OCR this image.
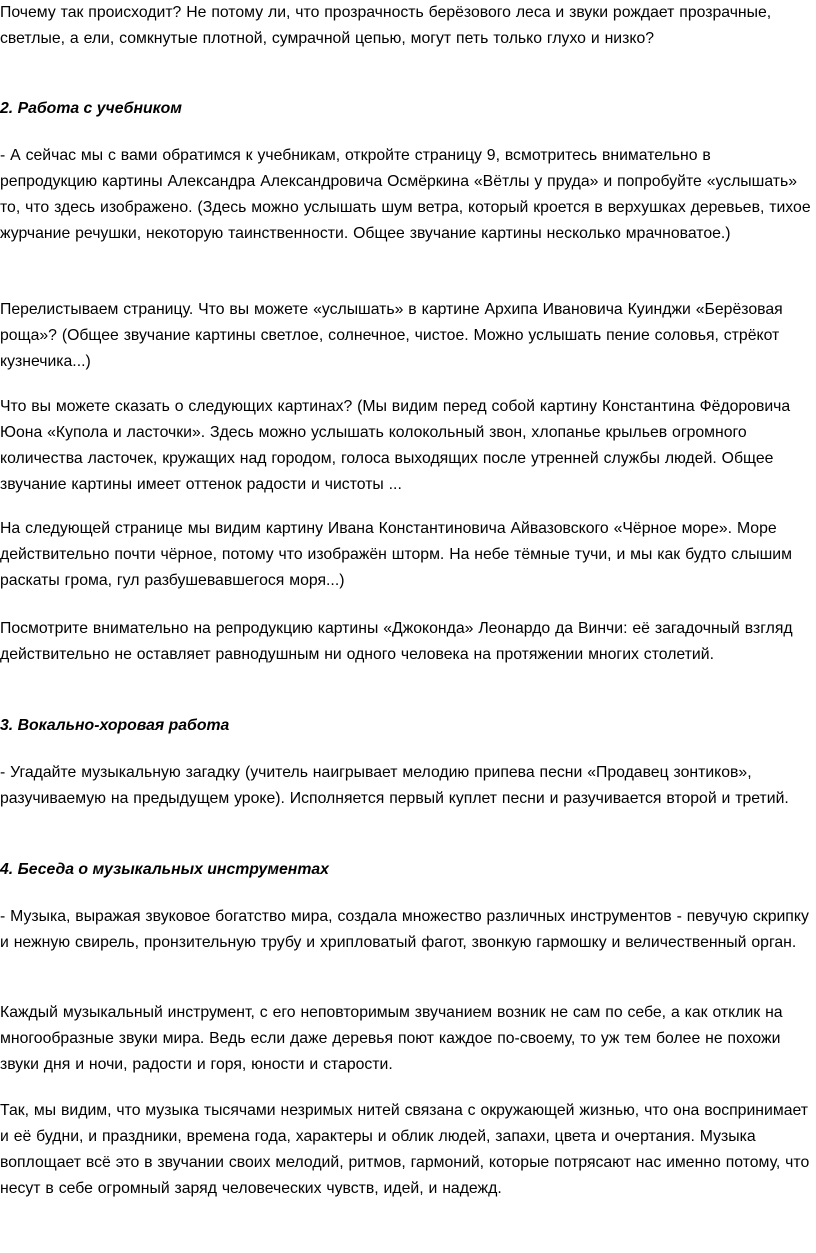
Почему так происходит? Не потому ли, что прозрачность берёзового леса и звуки рождает прозрачные, светлые, а ели, сомкнутые плотной, сумрачной цепью, могут петь только глухо и низко?

2. Работа с учебником

- А сейчас мы с вами обратимся к учебникам, откройте страницу 9, всмотритесь внимательно в репродукцию картины Александра Александровича Осмёркина «Вётлы у пруда» и попробуйте «услышать» то, что здесь изображено. (Здесь можно услышать шум ветра, который кроется в верхушках деревьев, тихое журчание речушки, некоторую таинственности. Общее звучание картины несколько мрачноватое.)

Перелистываем страницу. Что вы можете «услышать» в картине Архипа Ивановича Куинджи «Берёзовая роща»? (Общее звучание картины светлое, солнечное, чистое. Можно услышать пение соловья, стрёкот кузнечика...)

Что вы можете сказать о следующих картинах? (Мы видим перед собой картину Константина Фёдоровича Юона «Купола и ласточки». Здесь можно услышать колокольный звон, хлопанье крыльев огромного количества ласточек, кружащих над городом, голоса выходящих после утренней службы людей. Общее звучание картины имеет оттенок радости и чистоты ...

На следующей странице мы видим картину Ивана Константиновича Айвазовского «Чёрное море». Море действительно почти чёрное, потому что изображён шторм. На небе тёмные тучи, и мы как будто слышим раскаты грома, гул разбушевавшегося моря...)

Посмотрите внимательно на репродукцию картины «Джоконда» Леонардо да Винчи: её загадочный взгляд действительно не оставляет равнодушным ни одного человека на протяжении многих столетий.

3. Вокально-хоровая работа

- Угадайте музыкальную загадку (учитель наигрывает мелодию припева песни «Продавец зонтиков», разучиваемую на предыдущем уроке). Исполняется первый куплет песни и разучивается второй и третий.

4. Беседа о музыкальных инструментах

- Музыка, выражая звуковое богатство мира, создала множество различных инструментов - певучую скрипку и нежную свирель, пронзительную трубу и хрипловатый фагот, звонкую гармошку и величественный орган.

Каждый музыкальный инструмент, с его неповторимым звучанием возник не сам по себе, а как отклик на многообразные звуки мира. Ведь если даже деревья поют каждое по-своему, то уж тем более не похожи звуки дня и ночи, радости и горя, юности и старости.

Так, мы видим, что музыка тысячами незримых нитей связана с окружающей жизнью, что она воспринимает и её будни, и праздники, времена года, характеры и облик людей, запахи, цвета и очертания. Музыка воплощает всё это в звучании своих мелодий, ритмов, гармоний, которые потрясают нас именно потому, что несут в себе огромный заряд человеческих чувств, идей, и надежд.
